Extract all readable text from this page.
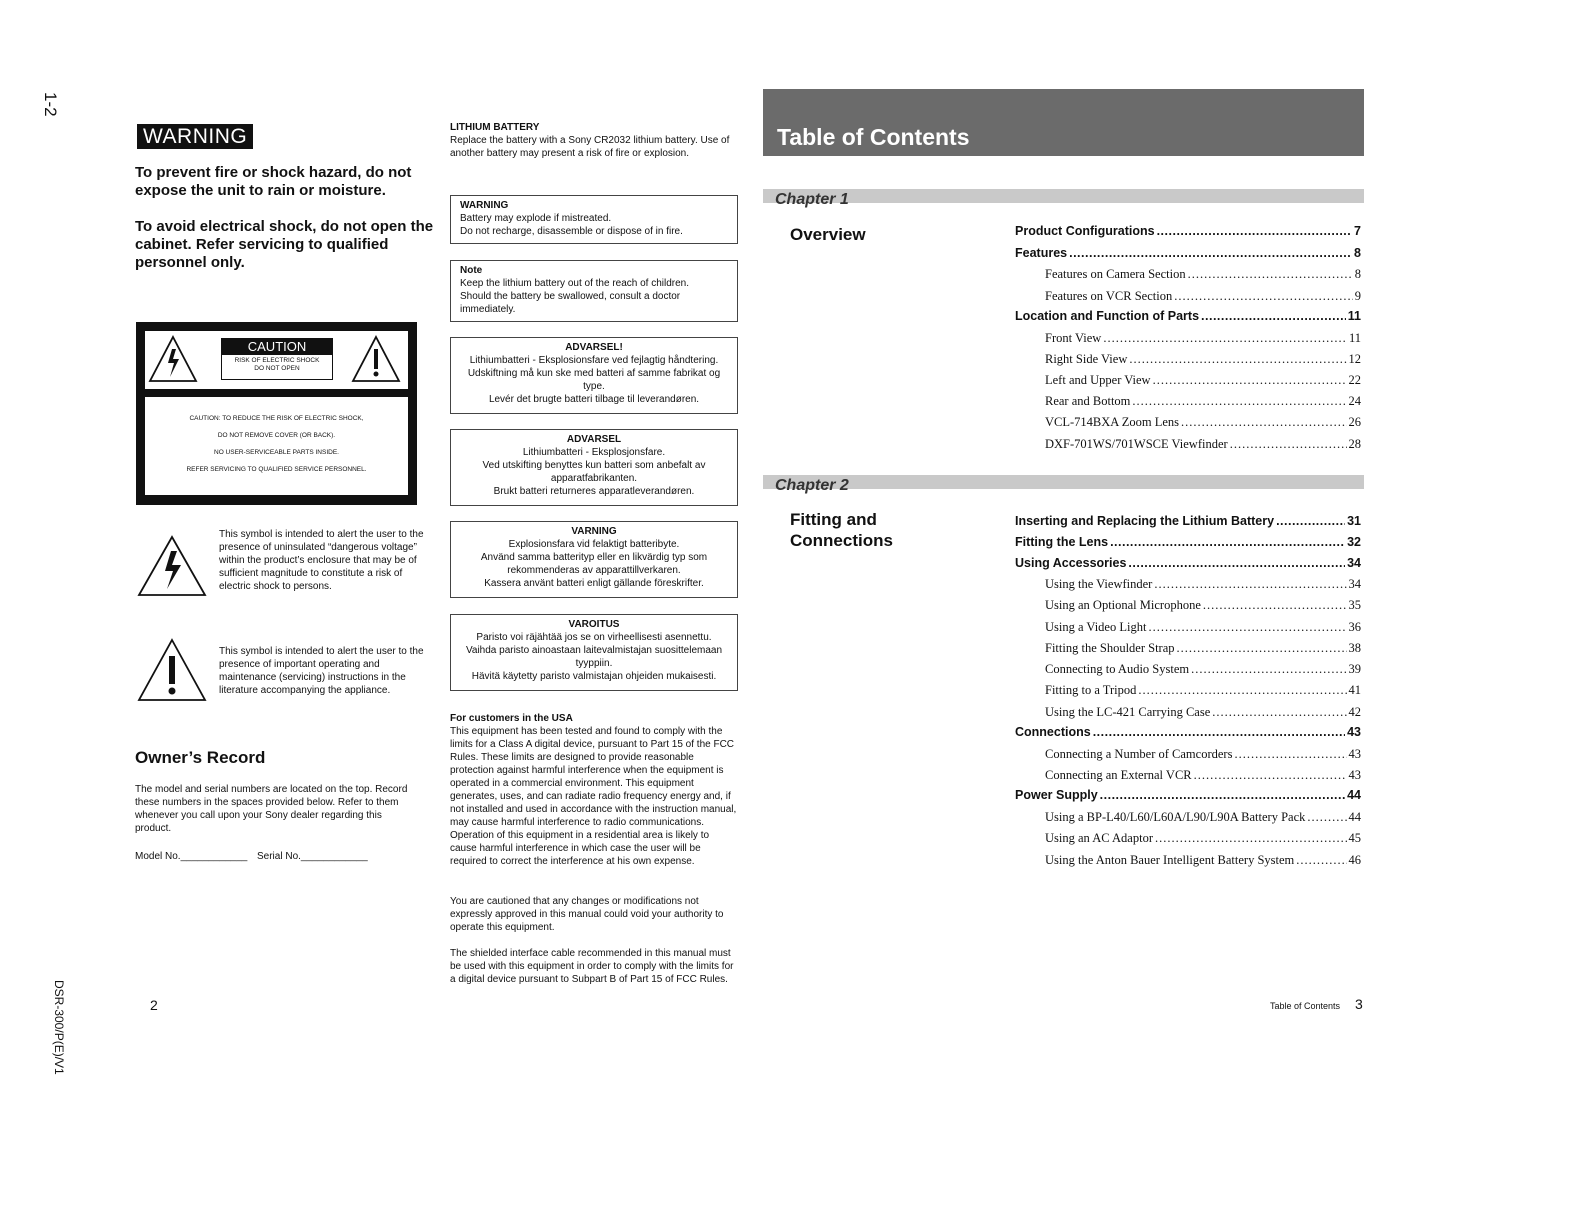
1-2
DSR-300/P(E)/V1
WARNING
To prevent fire or shock hazard, do not expose the unit to rain or moisture.
To avoid electrical shock, do not open the cabinet. Refer servicing to qualified personnel only.
CAUTION
RISK OF ELECTRIC SHOCK
DO NOT OPEN
CAUTION: TO REDUCE THE RISK OF ELECTRIC SHOCK,
DO NOT REMOVE COVER (OR BACK).
NO USER-SERVICEABLE PARTS INSIDE.
REFER SERVICING TO QUALIFIED SERVICE PERSONNEL.
This symbol is intended to alert the user to the presence of uninsulated “dangerous voltage” within the product’s enclosure that may be of sufficient magnitude to constitute a risk of electric shock to persons.
This symbol is intended to alert the user to the presence of important operating and maintenance (servicing) instructions in the literature accompanying the appliance.
Owner’s Record
The model and serial numbers are located on the top. Record these numbers in the spaces provided below. Refer to them whenever you call upon your Sony dealer regarding this product.
Model No.____________ Serial No.____________
2
LITHIUM BATTERY
Replace the battery with a Sony CR2032 lithium battery. Use of another battery may present a risk of fire or explosion.
WARNING
Battery may explode if mistreated.
Do not recharge, disassemble or dispose of in fire.
Note
Keep the lithium battery out of the reach of children.
Should the battery be swallowed, consult a doctor immediately.
ADVARSEL!
Lithiumbatteri - Eksplosionsfare ved fejlagtig håndtering.
Udskiftning må kun ske med batteri af samme fabrikat og type.
Levér det brugte batteri tilbage til leverandøren.
ADVARSEL
Lithiumbatteri - Eksplosjonsfare.
Ved utskifting benyttes kun batteri som anbefalt av apparatfabrikanten.
Brukt batteri returneres apparatleverandøren.
VARNING
Explosionsfara vid felaktigt batteribyte.
Använd samma batterityp eller en likvärdig typ som rekommenderas av apparattillverkaren.
Kassera använt batteri enligt gällande föreskrifter.
VAROITUS
Paristo voi räjähtää jos se on virheellisesti asennettu.
Vaihda paristo ainoastaan laitevalmistajan suosittelemaan tyyppiin.
Hävitä käytetty paristo valmistajan ohjeiden mukaisesti.
For customers in the USA
This equipment has been tested and found to comply with the limits for a Class A digital device, pursuant to Part 15 of the FCC Rules. These limits are designed to provide reasonable protection against harmful interference when the equipment is operated in a commercial environment. This equipment generates, uses, and can radiate radio frequency energy and, if not installed and used in accordance with the instruction manual, may cause harmful interference to radio communications. Operation of this equipment in a residential area is likely to cause harmful interference in which case the user will be required to correct the interference at his own expense.
You are cautioned that any changes or modifications not expressly approved in this manual could void your authority to operate this equipment.
The shielded interface cable recommended in this manual must be used with this equipment in order to comply with the limits for a digital device pursuant to Subpart B of Part 15 of FCC Rules.
Table of Contents
Chapter 1
Overview
Chapter 2
Fitting and
Connections
Product Configurations .....	7
Features .....	8
Features on Camera Section .....	8
Features on VCR Section .....	9
Location and Function of Parts .....	11
Front View .....	11
Right Side View .....	12
Left and Upper View .....	22
Rear and Bottom .....	24
VCL-714BXA Zoom Lens .....	26
DXF-701WS/701WSCE Viewfinder .....	28
Inserting and Replacing the Lithium Battery .....	31
Fitting the Lens .....	32
Using Accessories .....	34
Using the Viewfinder .....	34
Using an Optional Microphone .....	35
Using a Video Light .....	36
Fitting the Shoulder Strap .....	38
Connecting to Audio System .....	39
Fitting to a Tripod .....	41
Using the LC-421 Carrying Case .....	42
Connections .....	43
Connecting a Number of Camcorders .....	43
Connecting an External VCR .....	43
Power Supply .....	44
Using a BP-L40/L60/L60A/L90/L90A Battery Pack .....	44
Using an AC Adaptor .....	45
Using the Anton Bauer Intelligent Battery System .....	46
Table of Contents 3
